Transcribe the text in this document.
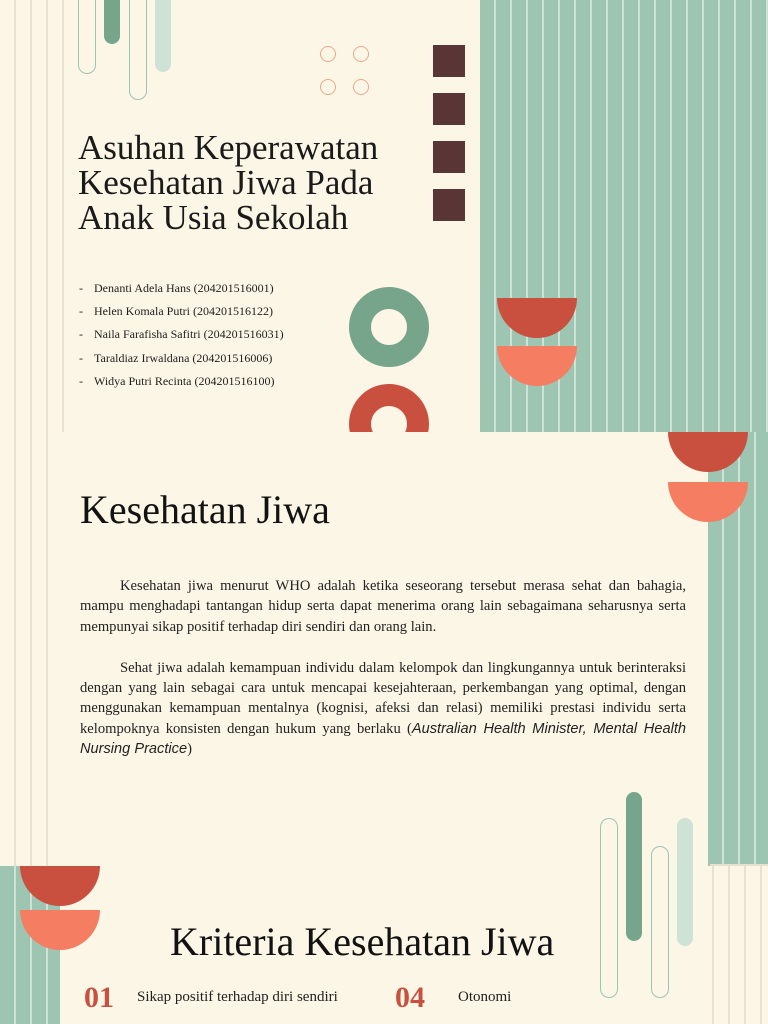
Asuhan Keperawatan Kesehatan Jiwa Pada Anak Usia Sekolah
- Denanti Adela Hans (204201516001)
- Helen Komala Putri (204201516122)
- Naila Farafisha Safitri (204201516031)
- Taraldiaz Irwaldana (204201516006)
- Widya Putri Recinta (204201516100)
Kesehatan Jiwa

Kesehatan jiwa menurut WHO adalah ketika seseorang tersebut merasa sehat dan bahagia, mampu menghadapi tantangan hidup serta dapat menerima orang lain sebagaimana seharusnya serta mempunyai sikap positif terhadap diri sendiri dan orang lain.

Sehat jiwa adalah kemampuan individu dalam kelompok dan lingkungannya untuk berinteraksi dengan yang lain sebagai cara untuk mencapai kesejahteraan, perkembangan yang optimal, dengan menggunakan kemampuan mentalnya (kognisi, afeksi dan relasi) memiliki prestasi individu serta kelompoknya konsisten dengan hukum yang berlaku (Australian Health Minister, Mental Health Nursing Practice)

Kriteria Kesehatan Jiwa
01 Sikap positif terhadap diri sendiri	04 Otonomi
